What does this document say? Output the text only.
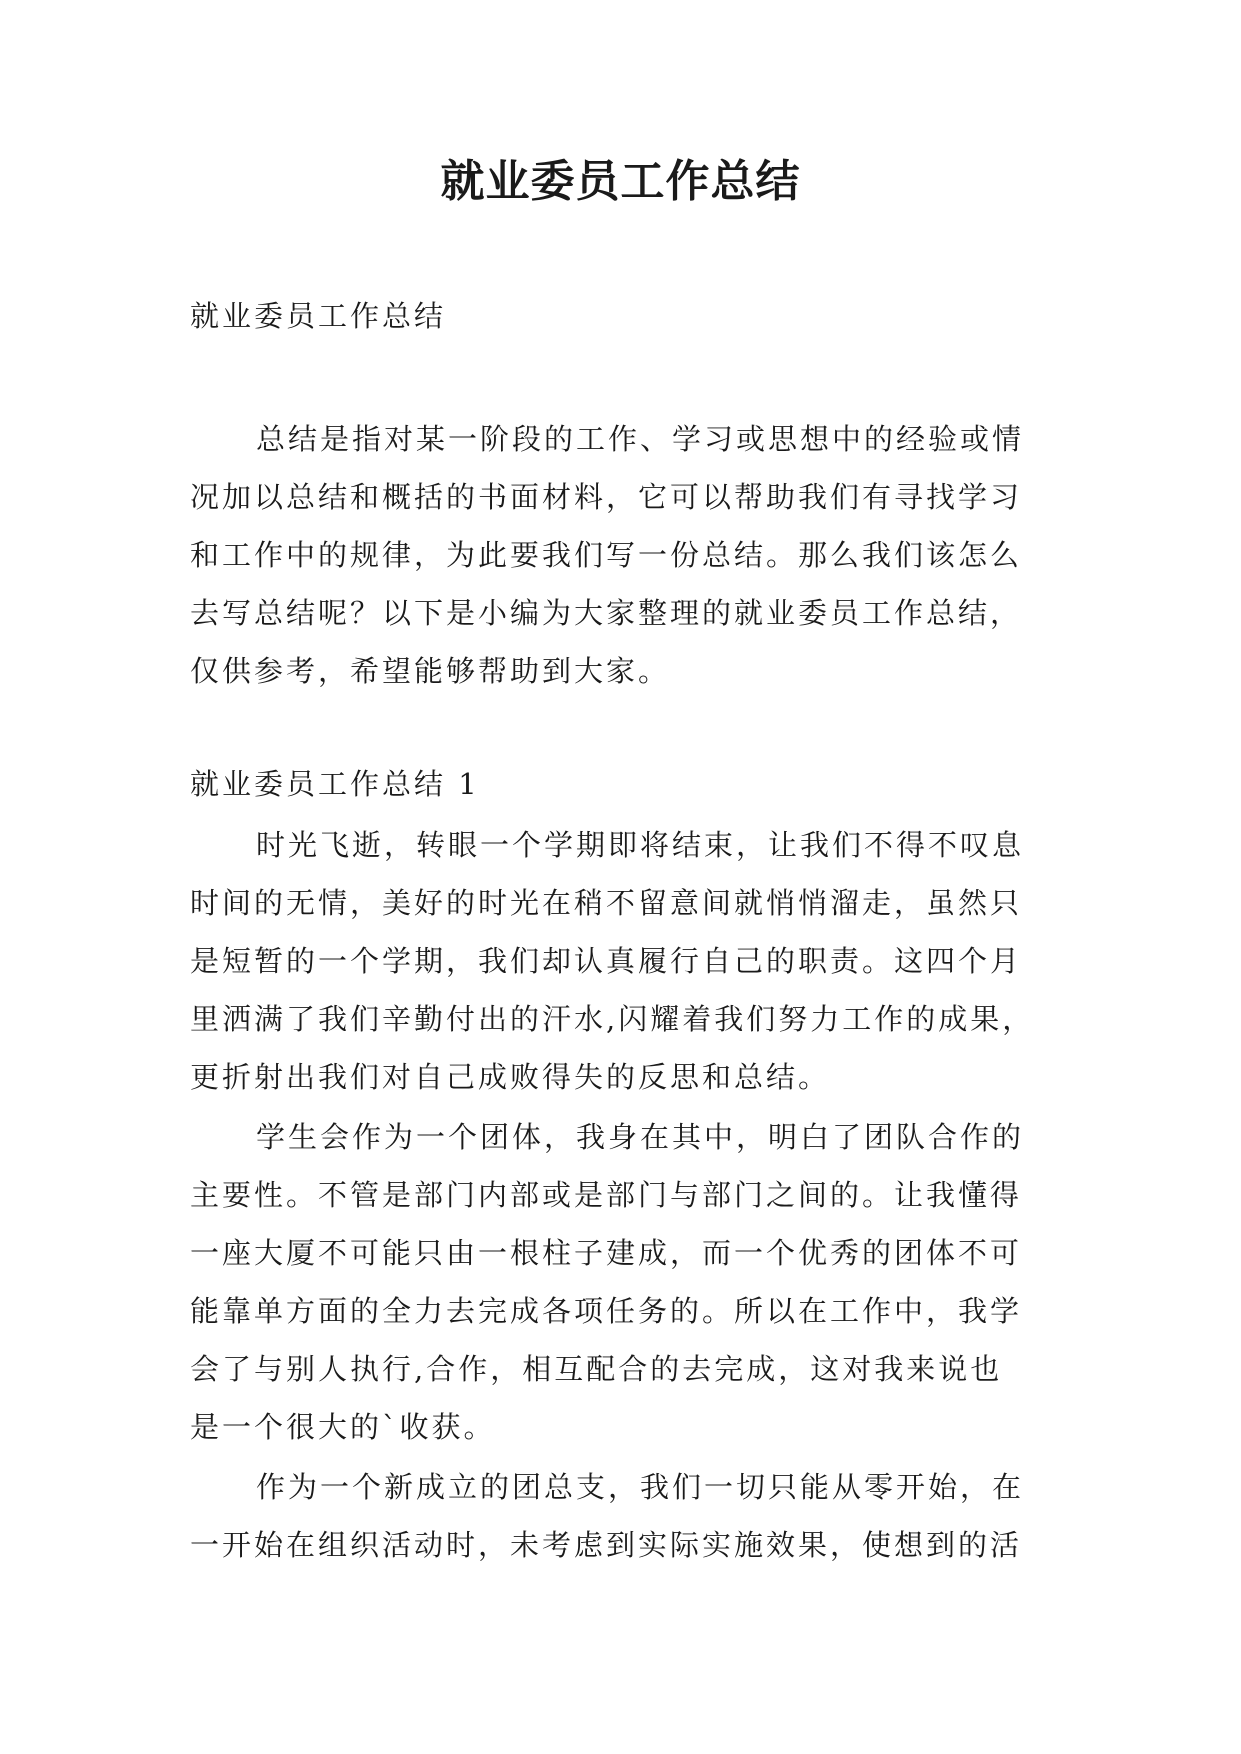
就业委员工作总结

就业委员工作总结

总结是指对某一阶段的工作、学习或思想中的经验或情
况加以总结和概括的书面材料，它可以帮助我们有寻找学习
和工作中的规律，为此要我们写一份总结。那么我们该怎么
去写总结呢？以下是小编为大家整理的就业委员工作总结，
仅供参考，希望能够帮助到大家。

就业委员工作总结 1

时光飞逝，转眼一个学期即将结束，让我们不得不叹息
时间的无情，美好的时光在稍不留意间就悄悄溜走，虽然只
是短暂的一个学期，我们却认真履行自己的职责。这四个月
里洒满了我们辛勤付出的汗水,闪耀着我们努力工作的成果，
更折射出我们对自己成败得失的反思和总结。
学生会作为一个团体，我身在其中，明白了团队合作的
主要性。不管是部门内部或是部门与部门之间的。让我懂得
一座大厦不可能只由一根柱子建成，而一个优秀的团体不可
能靠单方面的全力去完成各项任务的。所以在工作中，我学
会了与别人执行,合作，相互配合的去完成，这对我来说也
是一个很大的`收获。
作为一个新成立的团总支，我们一切只能从零开始，在
一开始在组织活动时，未考虑到实际实施效果，使想到的活
